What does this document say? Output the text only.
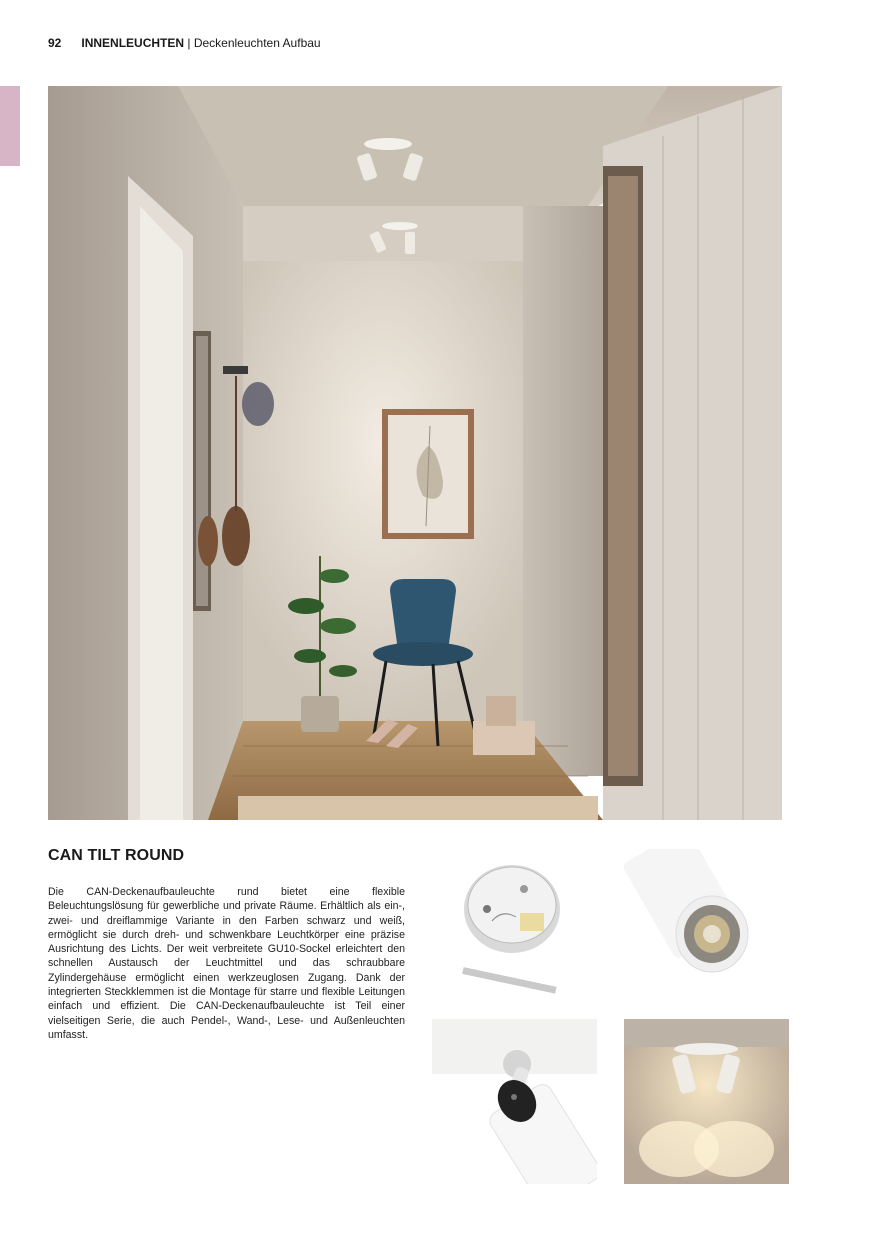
92 INNENLEUCHTEN | Deckenleuchten Aufbau
CAN TILT ROUND
Die CAN-Deckenaufbauleuchte rund bietet eine flexible Beleuchtungslösung für gewerbliche und private Räume. Erhältlich als ein-, zwei- und dreiflammige Variante in den Farben schwarz und weiß, ermöglicht sie durch dreh- und schwenkbare Leuchtkörper eine präzise Ausrichtung des Lichts. Der weit verbreitete GU10-Sockel erleichtert den schnellen Austausch der Leuchtmittel und das schraubbare Zylindergehäuse ermöglicht einen werkzeuglosen Zugang. Dank der integrierten Steckklemmen ist die Montage für starre und flexible Leitungen einfach und effizient. Die CAN-Deckenaufbauleuchte ist Teil einer vielseitigen Serie, die auch Pendel-, Wand-, Lese- und Außenleuchten umfasst.
